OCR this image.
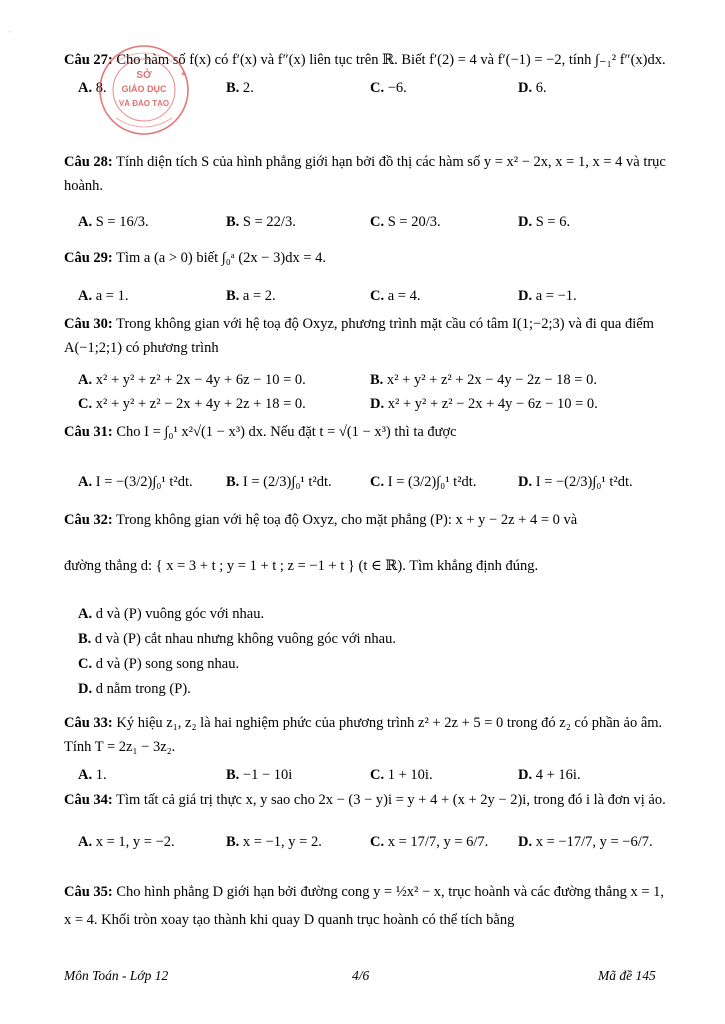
ˈ
Câu 27: Cho hàm số f(x) có f′(x) và f″(x) liên tục trên ℝ. Biết f′(2) = 4 và f′(−1) = −2, tính ∫₋₁² f″(x)dx.
A. 8.	B. 2.	C. −6.	D. 6.
Câu 28: Tính diện tích S của hình phẳng giới hạn bởi đồ thị các hàm số y = x² − 2x, x = 1, x = 4 và trục hoành.
A. S = 16/3.	B. S = 22/3.	C. S = 20/3.	D. S = 6.
Câu 29: Tìm a (a > 0) biết ∫₀ᵃ (2x − 3)dx = 4.
A. a = 1.	B. a = 2.	C. a = 4.	D. a = −1.
Câu 30: Trong không gian với hệ toạ độ Oxyz, phương trình mặt cầu có tâm I(1;−2;3) và đi qua điểm A(−1;2;1) có phương trình
A. x² + y² + z² + 2x − 4y + 6z − 10 = 0.	B. x² + y² + z² + 2x − 4y − 2z − 18 = 0.
C. x² + y² + z² − 2x + 4y + 2z + 18 = 0.	D. x² + y² + z² − 2x + 4y − 6z − 10 = 0.
Câu 31: Cho I = ∫₀¹ x²√(1 − x³) dx. Nếu đặt t = √(1 − x³) thì ta được
A. I = −(3/2)∫₀¹ t²dt. B. I = (2/3)∫₀¹ t²dt.	C. I = (3/2)∫₀¹ t²dt.	D. I = −(2/3)∫₀¹ t²dt.
Câu 32: Trong không gian với hệ toạ độ Oxyz, cho mặt phẳng (P): x + y − 2z + 4 = 0 và
đường thẳng d: { x = 3 + t ; y = 1 + t ; z = −1 + t } (t ∈ ℝ). Tìm khẳng định đúng.
A. d và (P) vuông góc với nhau.
B. d và (P) cắt nhau nhưng không vuông góc với nhau.
C. d và (P) song song nhau.
D. d nằm trong (P).
Câu 33: Ký hiệu z₁, z₂ là hai nghiệm phức của phương trình z² + 2z + 5 = 0 trong đó z₂ có phần ảo âm. Tính T = 2z₁ − 3z₂.
A. 1.	B. −1 − 10i	C. 1 + 10i.	D. 4 + 16i.
Câu 34: Tìm tất cả giá trị thực x, y sao cho 2x − (3 − y)i = y + 4 + (x + 2y − 2)i, trong đó i là đơn vị ảo.
A. x = 1, y = −2.	B. x = −1, y = 2.	C. x = 17/7, y = 6/7. D. x = −17/7, y = −6/7.
Câu 35: Cho hình phẳng D giới hạn bởi đường cong y = ½x² − x, trục hoành và các đường thẳng x = 1, x = 4. Khối tròn xoay tạo thành khi quay D quanh trục hoành có thể tích bằng
SỞ
GIÁO DỤC
VÀ ĐÀO TẠO
★
Môn Toán - Lớp 12	4/6	Mã đề 145
